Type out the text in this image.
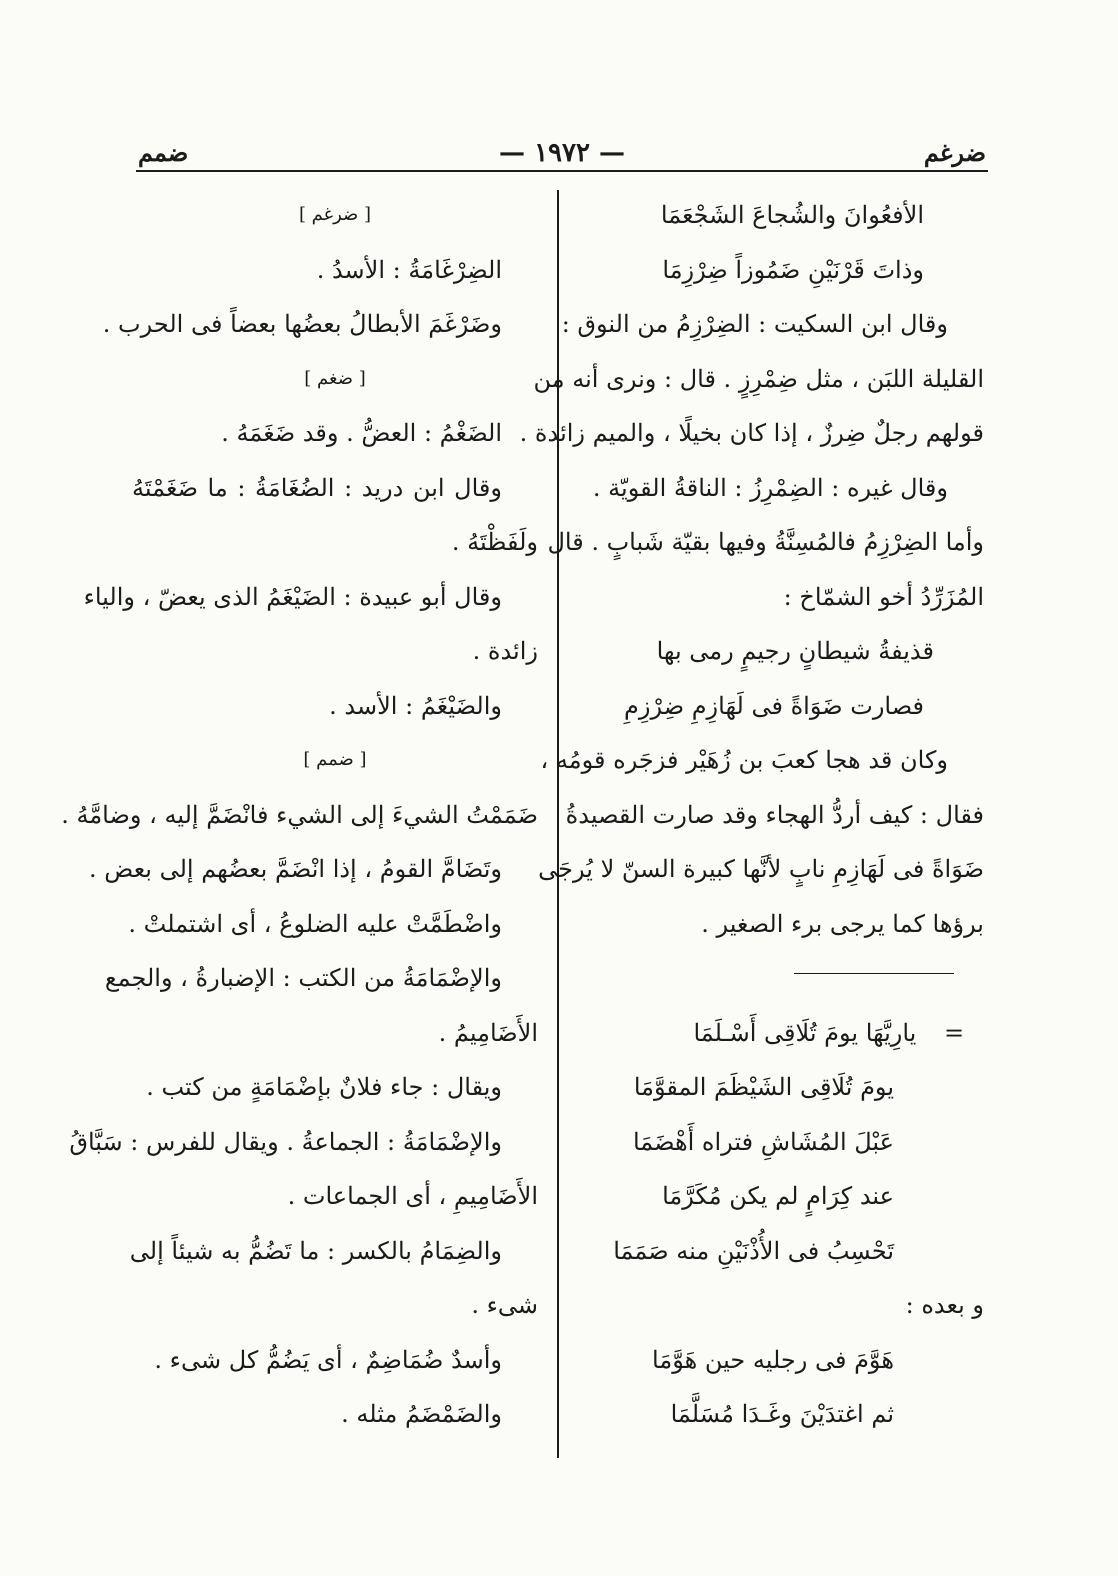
ضرغم
— ١٩٧٢ —
ضمم
الأفعُوانَ والشُجاعَ الشَجْعَمَا
وذاتَ قَرْنَيْنِ ضَمُوزاً ضِرْزِمَا
وقال ابن السكيت : الضِرْزِمُ من النوق :
القليلة اللبَن ، مثل ضِمْرِزٍ . قال : ونرى أنه من
قولهم رجلٌ ضِرزٌ ، إذا كان بخيلًا ، والميم زائدة .
وقال غيره : الضِمْرِزُ : الناقةُ القويّة .
وأما الضِرْزِمُ فالمُسِنَّةُ وفيها بقيّة شَبابٍ . قال
المُزَرِّدُ أخو الشمّاخ :
قذيفةُ شيطانٍ رجيمٍ رمى بها
فصارت ضَوَاةً فى لَهَازِمِ ضِرْزِمِ
وكان قد هجا كعبَ بن زُهَيْر فزجَره قومُه ،
فقال : كيف أردُّ الهجاء وقد صارت القصيدةُ
ضَوَاةً فى لَهَازِمِ نابٍ لأنَّها كبيرة السنّ لا يُرجَى
برؤها كما يرجى برء الصغير .
= يارِيَّهَا يومَ تُلَاقِى أَسْـلَمَا
يومَ تُلَاقِى الشَيْظَمَ المقوَّمَا
عَبْلَ المُشَاشِ فتراه أَهْضَمَا
عند كِرَامٍ لم يكن مُكَرَّمَا
تَحْسِبُ فى الأُذْنَيْنِ منه صَمَمَا
و بعده :
هَوَّمَ فى رجليه حين هَوَّمَا
ثم اغتدَيْنَ وغَـدَا مُسَلَّمَا
[ ضرغم ]
الضِرْغَامَةُ : الأسدُ .
وضَرْغَمَ الأبطالُ بعضُها بعضاً فى الحرب .
[ ضغم ]
الضَغْمُ : العضُّ . وقد ضَغَمَهُ .
وقال ابن دريد : الضُغَامَةُ : ما ضَغَمْتَهُ
ولَفَظْتَهُ .
وقال أبو عبيدة : الضَيْغَمُ الذى يعضّ ، والياء
زائدة .
والضَيْغَمُ : الأسد .
[ ضمم ]
ضَمَمْتُ الشيءَ إلى الشيء فانْضَمَّ إليه ، وضامَّهُ .
وتَضَامَّ القومُ ، إذا انْضَمَّ بعضُهم إلى بعض .
واضْطَمَّتْ عليه الضلوعُ ، أى اشتملتْ .
والإضْمَامَةُ من الكتب : الإضبارةُ ، والجمع
الأَضَامِيمُ .
ويقال : جاء فلانٌ بإضْمَامَةٍ من كتب .
والإضْمَامَةُ : الجماعةُ . ويقال للفرس : سَبَّاقُ
الأَضَامِيمِ ، أى الجماعات .
والضِمَامُ بالكسر : ما تَضُمُّ به شيئاً إلى
شىء .
وأسدٌ ضُمَاضِمٌ ، أى يَضُمُّ كل شىء .
والضَمْضَمُ مثله .
